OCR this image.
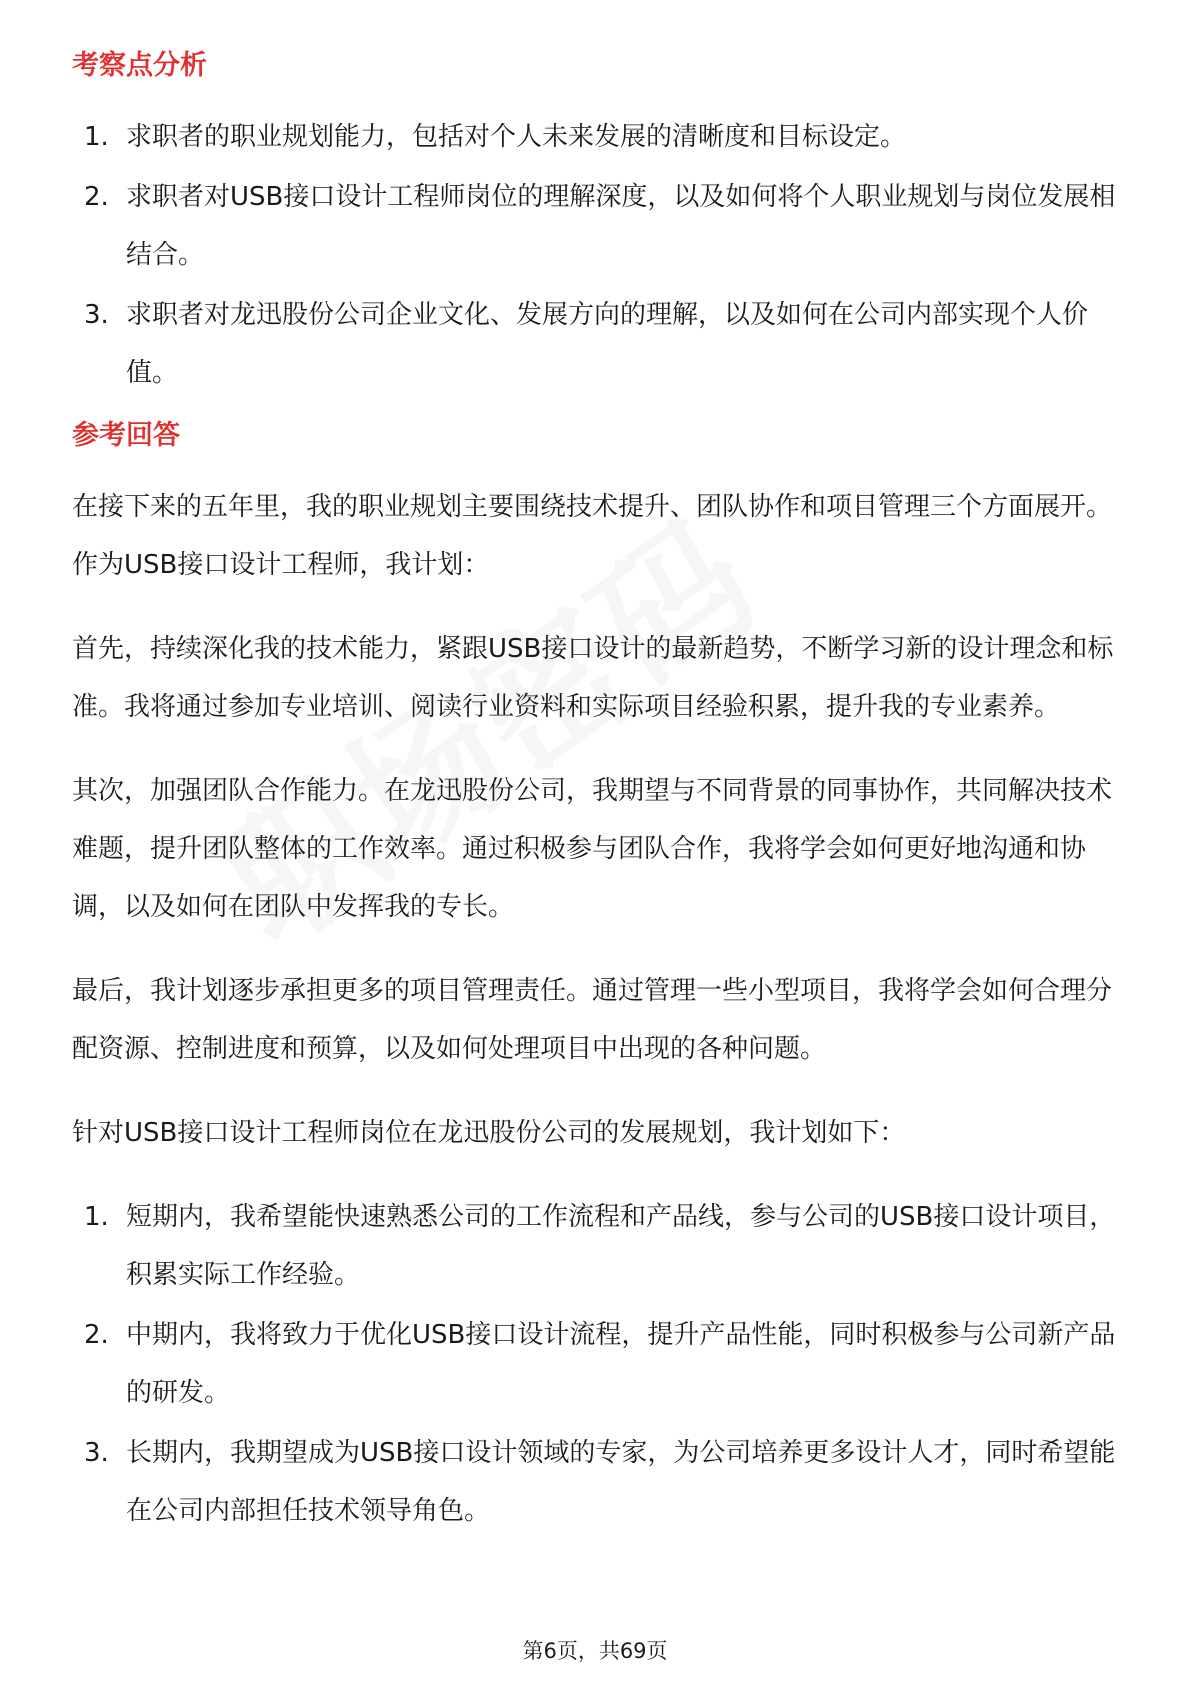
考察点分析
1. 求职者的职业规划能力，包括对个人未来发展的清晰度和目标设定。
2. 求职者对USB接口设计工程师岗位的理解深度，以及如何将个人职业规划与岗位发展相结合。
3. 求职者对龙迅股份公司企业文化、发展方向的理解，以及如何在公司内部实现个人价值。
参考回答

在接下来的五年里，我的职业规划主要围绕技术提升、团队协作和项目管理三个方面展开。作为USB接口设计工程师，我计划：

首先，持续深化我的技术能力，紧跟USB接口设计的最新趋势，不断学习新的设计理念和标准。我将通过参加专业培训、阅读行业资料和实际项目经验积累，提升我的专业素养。

其次，加强团队合作能力。在龙迅股份公司，我期望与不同背景的同事协作，共同解决技术难题，提升团队整体的工作效率。通过积极参与团队合作，我将学会如何更好地沟通和协调，以及如何在团队中发挥我的专长。

最后，我计划逐步承担更多的项目管理责任。通过管理一些小型项目，我将学会如何合理分配资源、控制进度和预算，以及如何处理项目中出现的各种问题。

针对USB接口设计工程师岗位在龙迅股份公司的发展规划，我计划如下：

1. 短期内，我希望能快速熟悉公司的工作流程和产品线，参与公司的USB接口设计项目，积累实际工作经验。
2. 中期内，我将致力于优化USB接口设计流程，提升产品性能，同时积极参与公司新产品的研发。
3. 长期内，我期望成为USB接口设计领域的专家，为公司培养更多设计人才，同时希望能在公司内部担任技术领导角色。
第6页，共69页
